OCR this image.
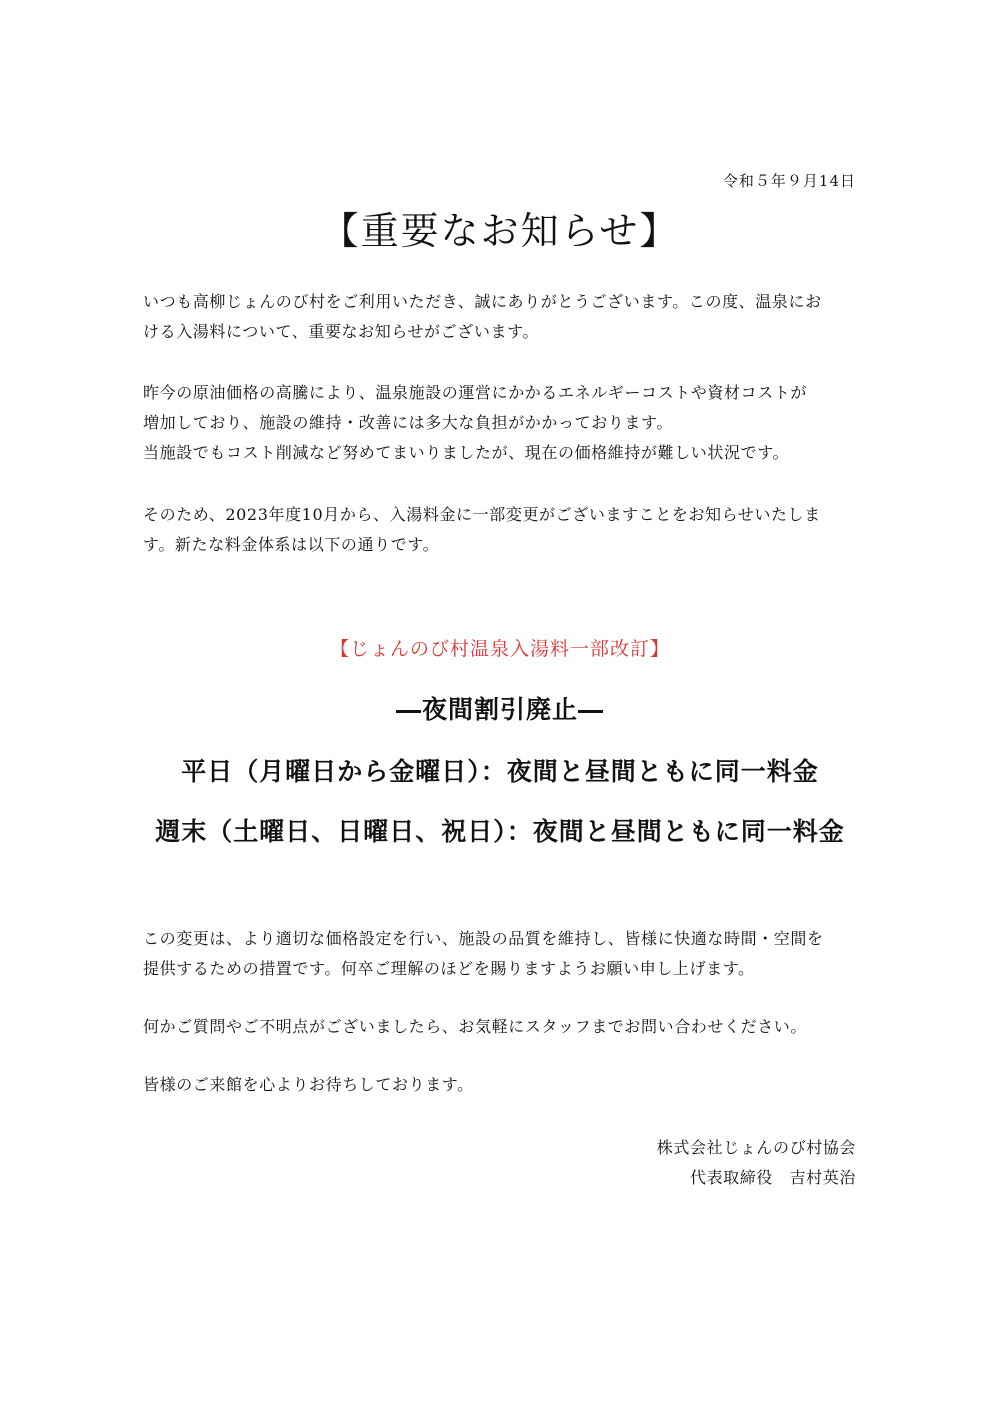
令和５年９月14日
【重要なお知らせ】

いつも高柳じょんのび村をご利用いただき、誠にありがとうございます。この度、温泉にお

ける入湯料について、重要なお知らせがございます。

昨今の原油価格の高騰により、温泉施設の運営にかかるエネルギーコストや資材コストが

増加しており、施設の維持・改善には多大な負担がかかっております。

当施設でもコスト削減など努めてまいりましたが、現在の価格維持が難しい状況です。

そのため、2023年度10月から、入湯料金に一部変更がございますことをお知らせいたしま

す。新たな料金体系は以下の通りです。

【じょんのび村温泉入湯料一部改訂】
―夜間割引廃止―
平日（月曜日から金曜日）：夜間と昼間ともに同一料金
週末（土曜日、日曜日、祝日）：夜間と昼間ともに同一料金

この変更は、より適切な価格設定を行い、施設の品質を維持し、皆様に快適な時間・空間を

提供するための措置です。何卒ご理解のほどを賜りますようお願い申し上げます。

何かご質問やご不明点がございましたら、お気軽にスタッフまでお問い合わせください。

皆様のご来館を心よりお待ちしております。

株式会社じょんのび村協会
代表取締役　吉村英治
